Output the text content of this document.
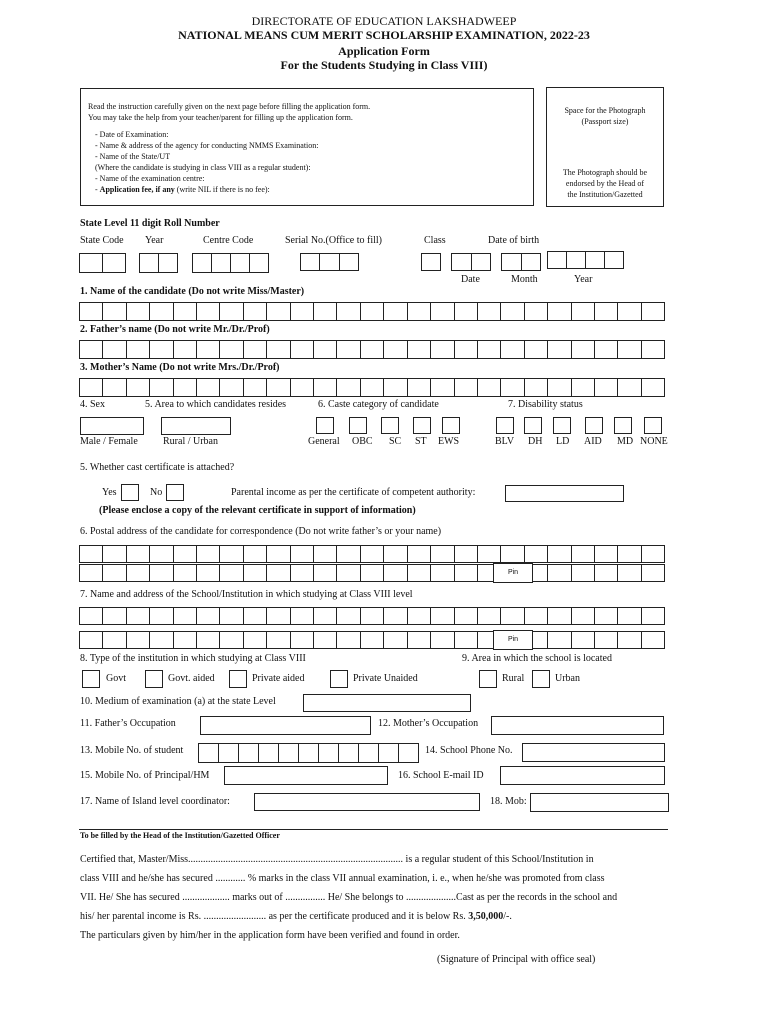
DIRECTORATE OF EDUCATION LAKSHADWEEP
NATIONAL MEANS CUM MERIT SCHOLARSHIP EXAMINATION, 2022-23
Application Form
For the Students Studying in Class VIII)
Read the instruction carefully given on the next page before filling the application form.
You may take the help from your teacher/parent for filling up the application form.
- Date of Examination:
- Name & address of the agency for conducting NMMS Examination:
- Name of the State/UT
(Where the candidate is studying in class VIII as a regular student):
- Name of the examination centre:
- Application fee, if any (write NIL if there is no fee):
Space for the Photograph
(Passport size)
The Photograph should be
endorsed by the Head of
the Institution/Gazetted
State Level 11 digit Roll Number
State Code Year	Centre Code	Serial No.(Office to fill)	Class	Date of birth
Date	Month	Year
1. Name of the candidate (Do not write Miss/Master)
2. Father’s name (Do not write Mr./Dr./Prof)
3. Mother’s Name (Do not write Mrs./Dr./Prof)
4. Sex	5. Area to which candidates resides	6. Caste category of candidate	7. Disability status
Male / Female	Rural / Urban	General OBC SC ST EWS	BLV DH LD AID MD NONE
5. Whether cast certificate is attached?
Yes	No	Parental income as per the certificate of competent authority:
(Please enclose a copy of the relevant certificate in support of information)
6. Postal address of the candidate for correspondence (Do not write father’s or your name)
Pin
7. Name and address of the School/Institution in which studying at Class VIII level
Pin
8. Type of the institution in which studying at Class VIII	9. Area in which the school is located
Govt	Govt. aided	Private aided	Private Unaided	Rural	Urban
10. Medium of examination (a) at the state Level
11. Father’s Occupation	12. Mother’s Occupation
13. Mobile No. of student	14. School Phone No.
15. Mobile No. of Principal/HM	16. School E-mail ID
17. Name of Island level coordinator:	18. Mob:
To be filled by the Head of the Institution/Gazetted Officer
Certified that, Master/Miss...................................................................................... is a regular student of this School/Institution in
class VIII and he/she has secured ............ % marks in the class VII annual examination, i. e., when he/she was promoted from class
VII. He/ She has secured ................... marks out of ................ He/ She belongs to ....................Cast as per the records in the school and
his/ her parental income is Rs. ......................... as per the certificate produced and it is below Rs. 3,50,000/-.
The particulars given by him/her in the application form have been verified and found in order.
(Signature of Principal with office seal)
